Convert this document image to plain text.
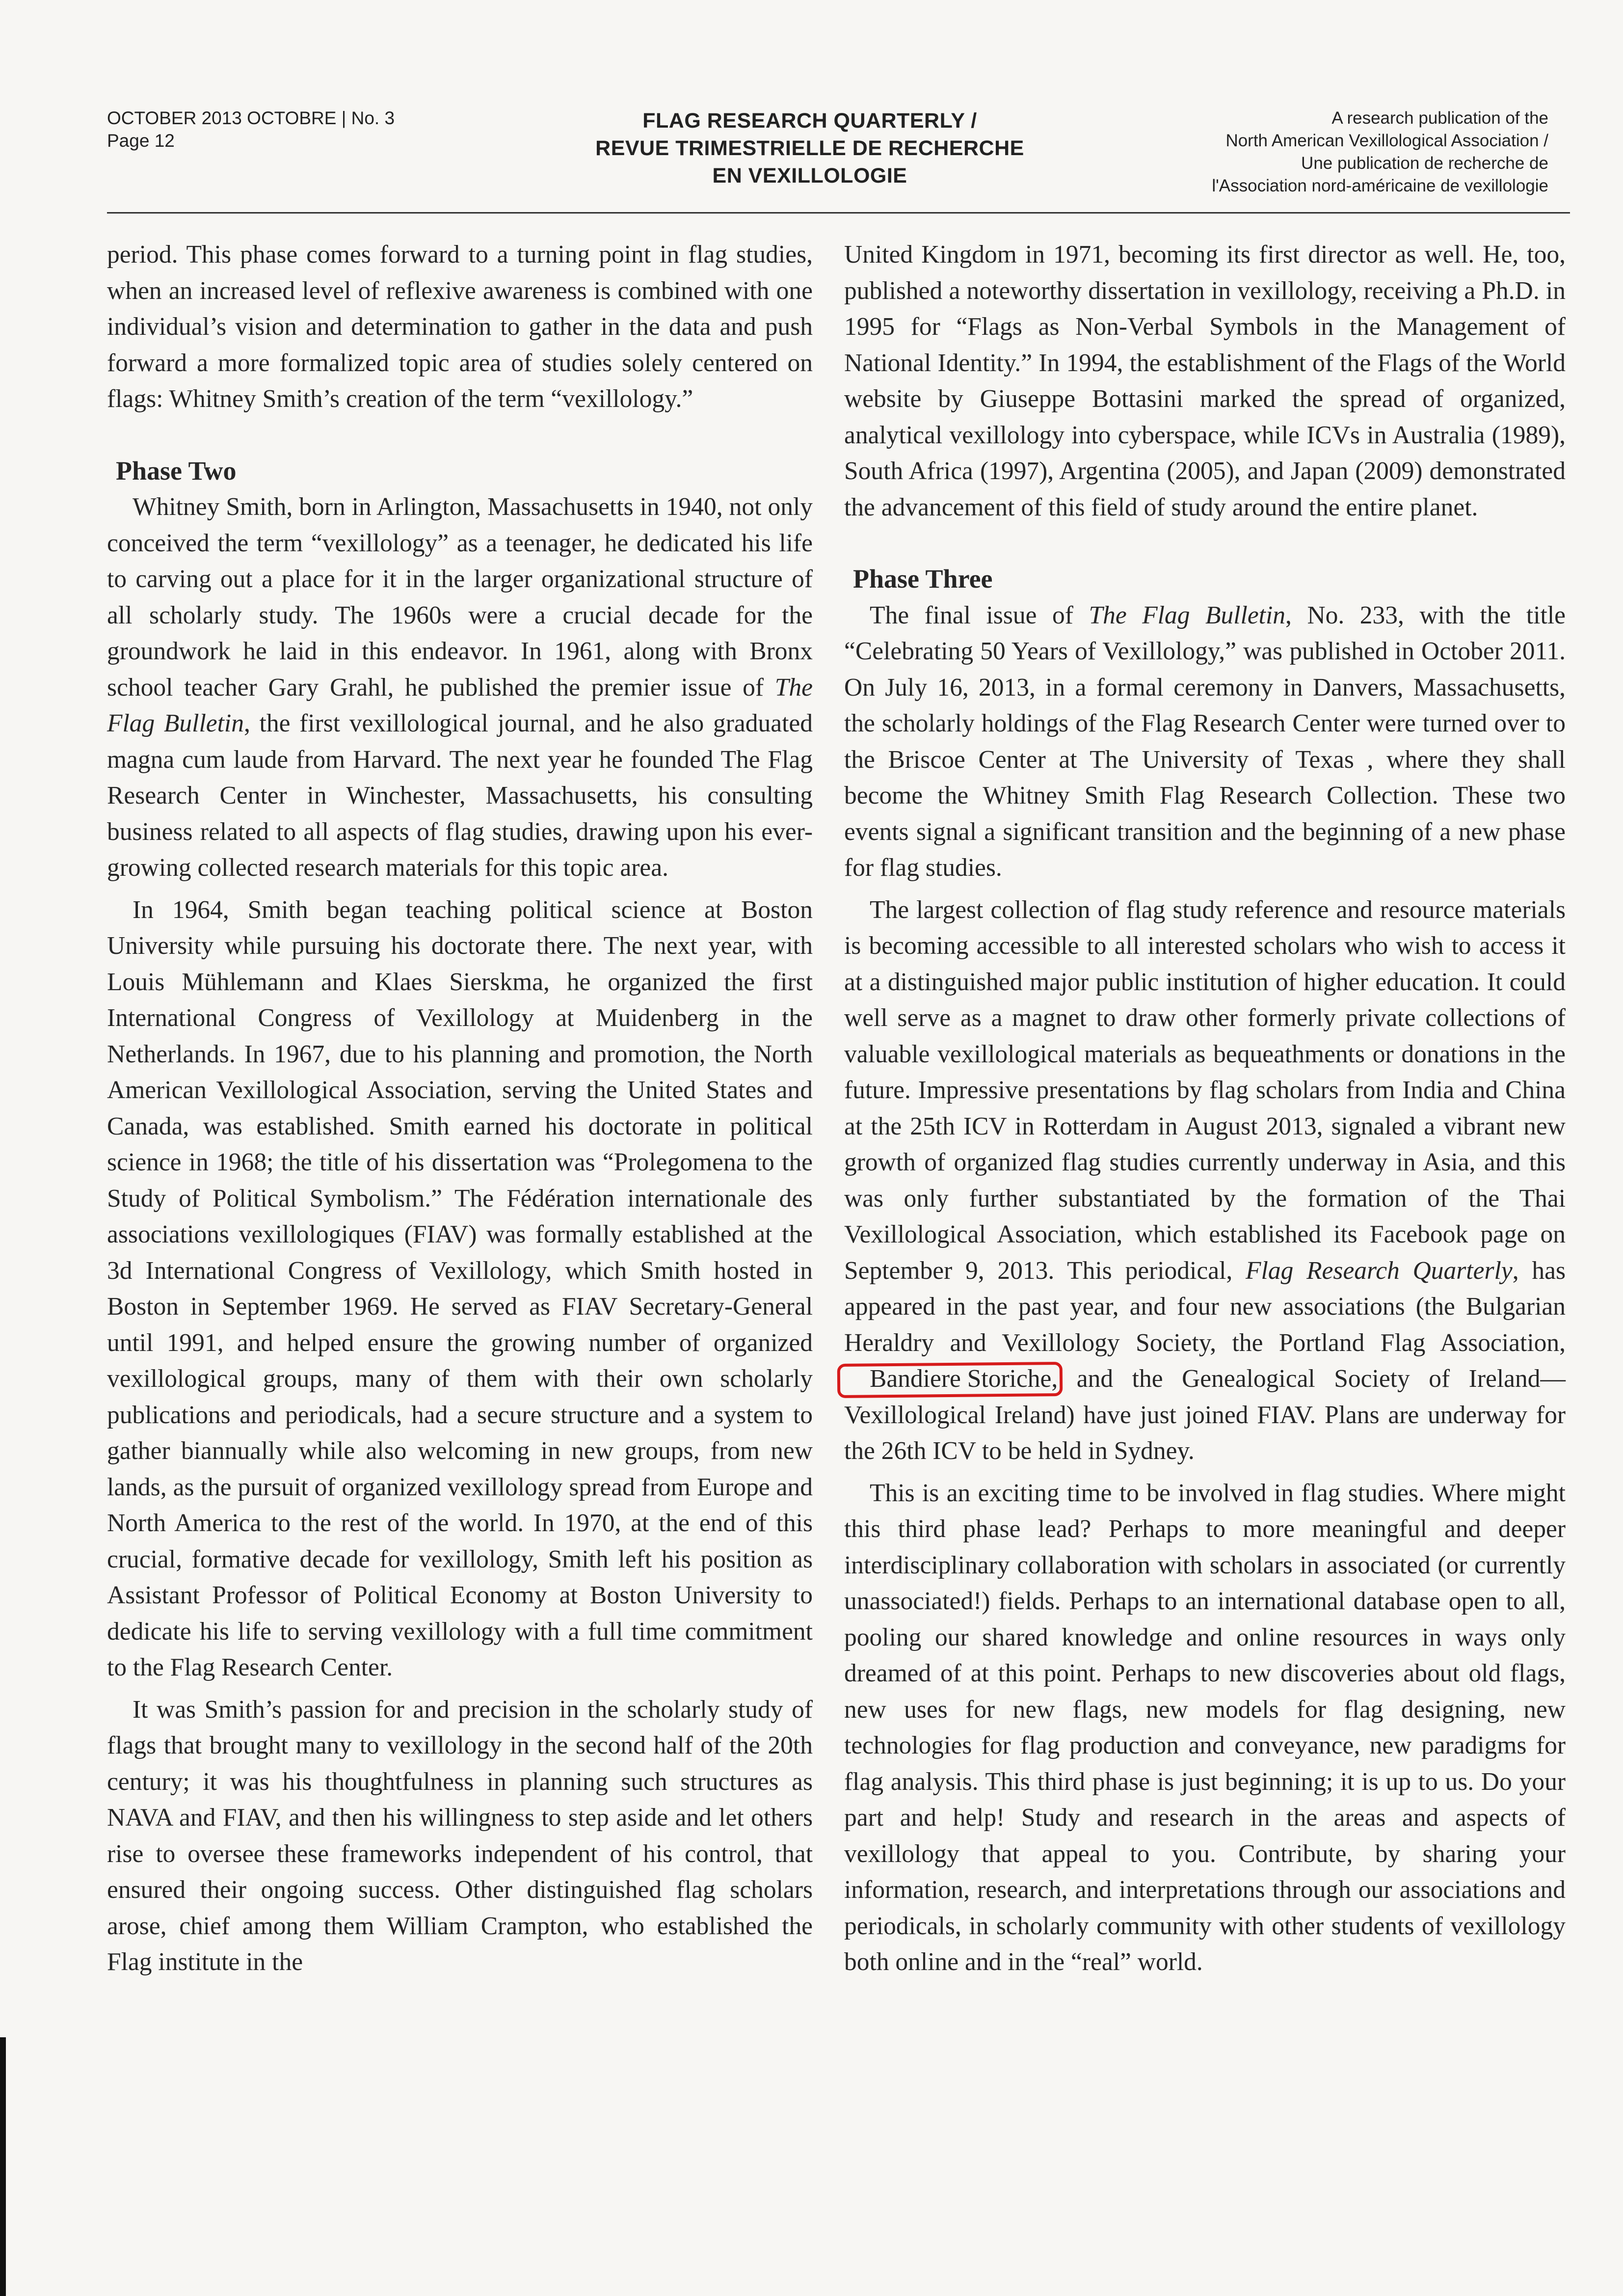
OCTOBER 2013 OCTOBRE | No. 3
Page 12
FLAG RESEARCH QUARTERLY /
REVUE TRIMESTRIELLE DE RECHERCHE
EN VEXILLOLOGIE
A research publication of the
North American Vexillological Association /
Une publication de recherche de
l'Association nord-américaine de vexillologie

period. This phase comes forward to a turning point in flag studies, when an increased level of reflexive awareness is combined with one individual’s vision and determination to gather in the data and push forward a more formalized topic area of studies solely centered on flags: Whitney Smith’s creation of the term “vexillology.”

Phase Two

Whitney Smith, born in Arlington, Massachusetts in 1940, not only conceived the term “vexillology” as a teenager, he dedicated his life to carving out a place for it in the larger organizational structure of all scholarly study. The 1960s were a crucial decade for the groundwork he laid in this endeavor. In 1961, along with Bronx school teacher Gary Grahl, he published the premier issue of The Flag Bulletin, the first vexillological journal, and he also graduated magna cum laude from Harvard. The next year he founded The Flag Research Center in Winchester, Massachusetts, his consulting business related to all aspects of flag studies, drawing upon his ever-growing collected research materials for this topic area.

In 1964, Smith began teaching political science at Boston University while pursuing his doctorate there. The next year, with Louis Mühlemann and Klaes Sierskma, he organized the first International Congress of Vexillology at Muidenberg in the Netherlands. In 1967, due to his planning and promotion, the North American Vexillological Association, serving the United States and Canada, was established. Smith earned his doctorate in political science in 1968; the title of his dissertation was “Prolegomena to the Study of Political Symbolism.” The Fédération internationale des associations vexillologiques (FIAV) was formally established at the 3d International Congress of Vexillology, which Smith hosted in Boston in September 1969. He served as FIAV Secretary-General until 1991, and helped ensure the growing number of organized vexillological groups, many of them with their own scholarly publications and periodicals, had a secure structure and a system to gather biannually while also welcoming in new groups, from new lands, as the pursuit of organized vexillology spread from Europe and North America to the rest of the world. In 1970, at the end of this crucial, formative decade for vexillology, Smith left his position as Assistant Professor of Political Economy at Boston University to dedicate his life to serving vexillology with a full time commitment to the Flag Research Center.

It was Smith’s passion for and precision in the scholarly study of flags that brought many to vexillology in the second half of the 20th century; it was his thoughtfulness in planning such structures as NAVA and FIAV, and then his willingness to step aside and let others rise to oversee these frameworks independent of his control, that ensured their ongoing success. Other distinguished flag scholars arose, chief among them William Crampton, who established the Flag institute in the

United Kingdom in 1971, becoming its first director as well. He, too, published a noteworthy dissertation in vexillology, receiving a Ph.D. in 1995 for “Flags as Non-Verbal Symbols in the Management of National Identity.” In 1994, the establishment of the Flags of the World website by Giuseppe Bottasini marked the spread of organized, analytical vexillology into cyberspace, while ICVs in Australia (1989), South Africa (1997), Argentina (2005), and Japan (2009) demonstrated the advancement of this field of study around the entire planet.

Phase Three

The final issue of The Flag Bulletin, No. 233, with the title “Celebrating 50 Years of Vexillology,” was published in October 2011. On July 16, 2013, in a formal ceremony in Danvers, Massachusetts, the scholarly holdings of the Flag Research Center were turned over to the Briscoe Center at The University of Texas , where they shall become the Whitney Smith Flag Research Collection. These two events signal a significant transition and the beginning of a new phase for flag studies.

The largest collection of flag study reference and resource materials is becoming accessible to all interested scholars who wish to access it at a distinguished major public institution of higher education. It could well serve as a magnet to draw other formerly private collections of valuable vexillological materials as bequeathments or donations in the future. Impressive presentations by flag scholars from India and China at the 25th ICV in Rotterdam in August 2013, signaled a vibrant new growth of organized flag studies currently underway in Asia, and this was only further substantiated by the formation of the Thai Vexillological Association, which established its Facebook page on September 9, 2013. This periodical, Flag Research Quarterly, has appeared in the past year, and four new associations (the Bulgarian Heraldry and Vexillology Society, the Portland Flag Association, Bandiere Storiche, and the Genealogical Society of Ireland—Vexillological Ireland) have just joined FIAV. Plans are underway for the 26th ICV to be held in Sydney.

This is an exciting time to be involved in flag studies. Where might this third phase lead? Perhaps to more meaningful and deeper interdisciplinary collaboration with scholars in associated (or currently unassociated!) fields. Perhaps to an international database open to all, pooling our shared knowledge and online resources in ways only dreamed of at this point. Perhaps to new discoveries about old flags, new uses for new flags, new models for flag designing, new technologies for flag production and conveyance, new paradigms for flag analysis. This third phase is just beginning; it is up to us. Do your part and help! Study and research in the areas and aspects of vexillology that appeal to you. Contribute, by sharing your information, research, and interpretations through our associations and periodicals, in scholarly community with other students of vexillology both online and in the “real” world.
